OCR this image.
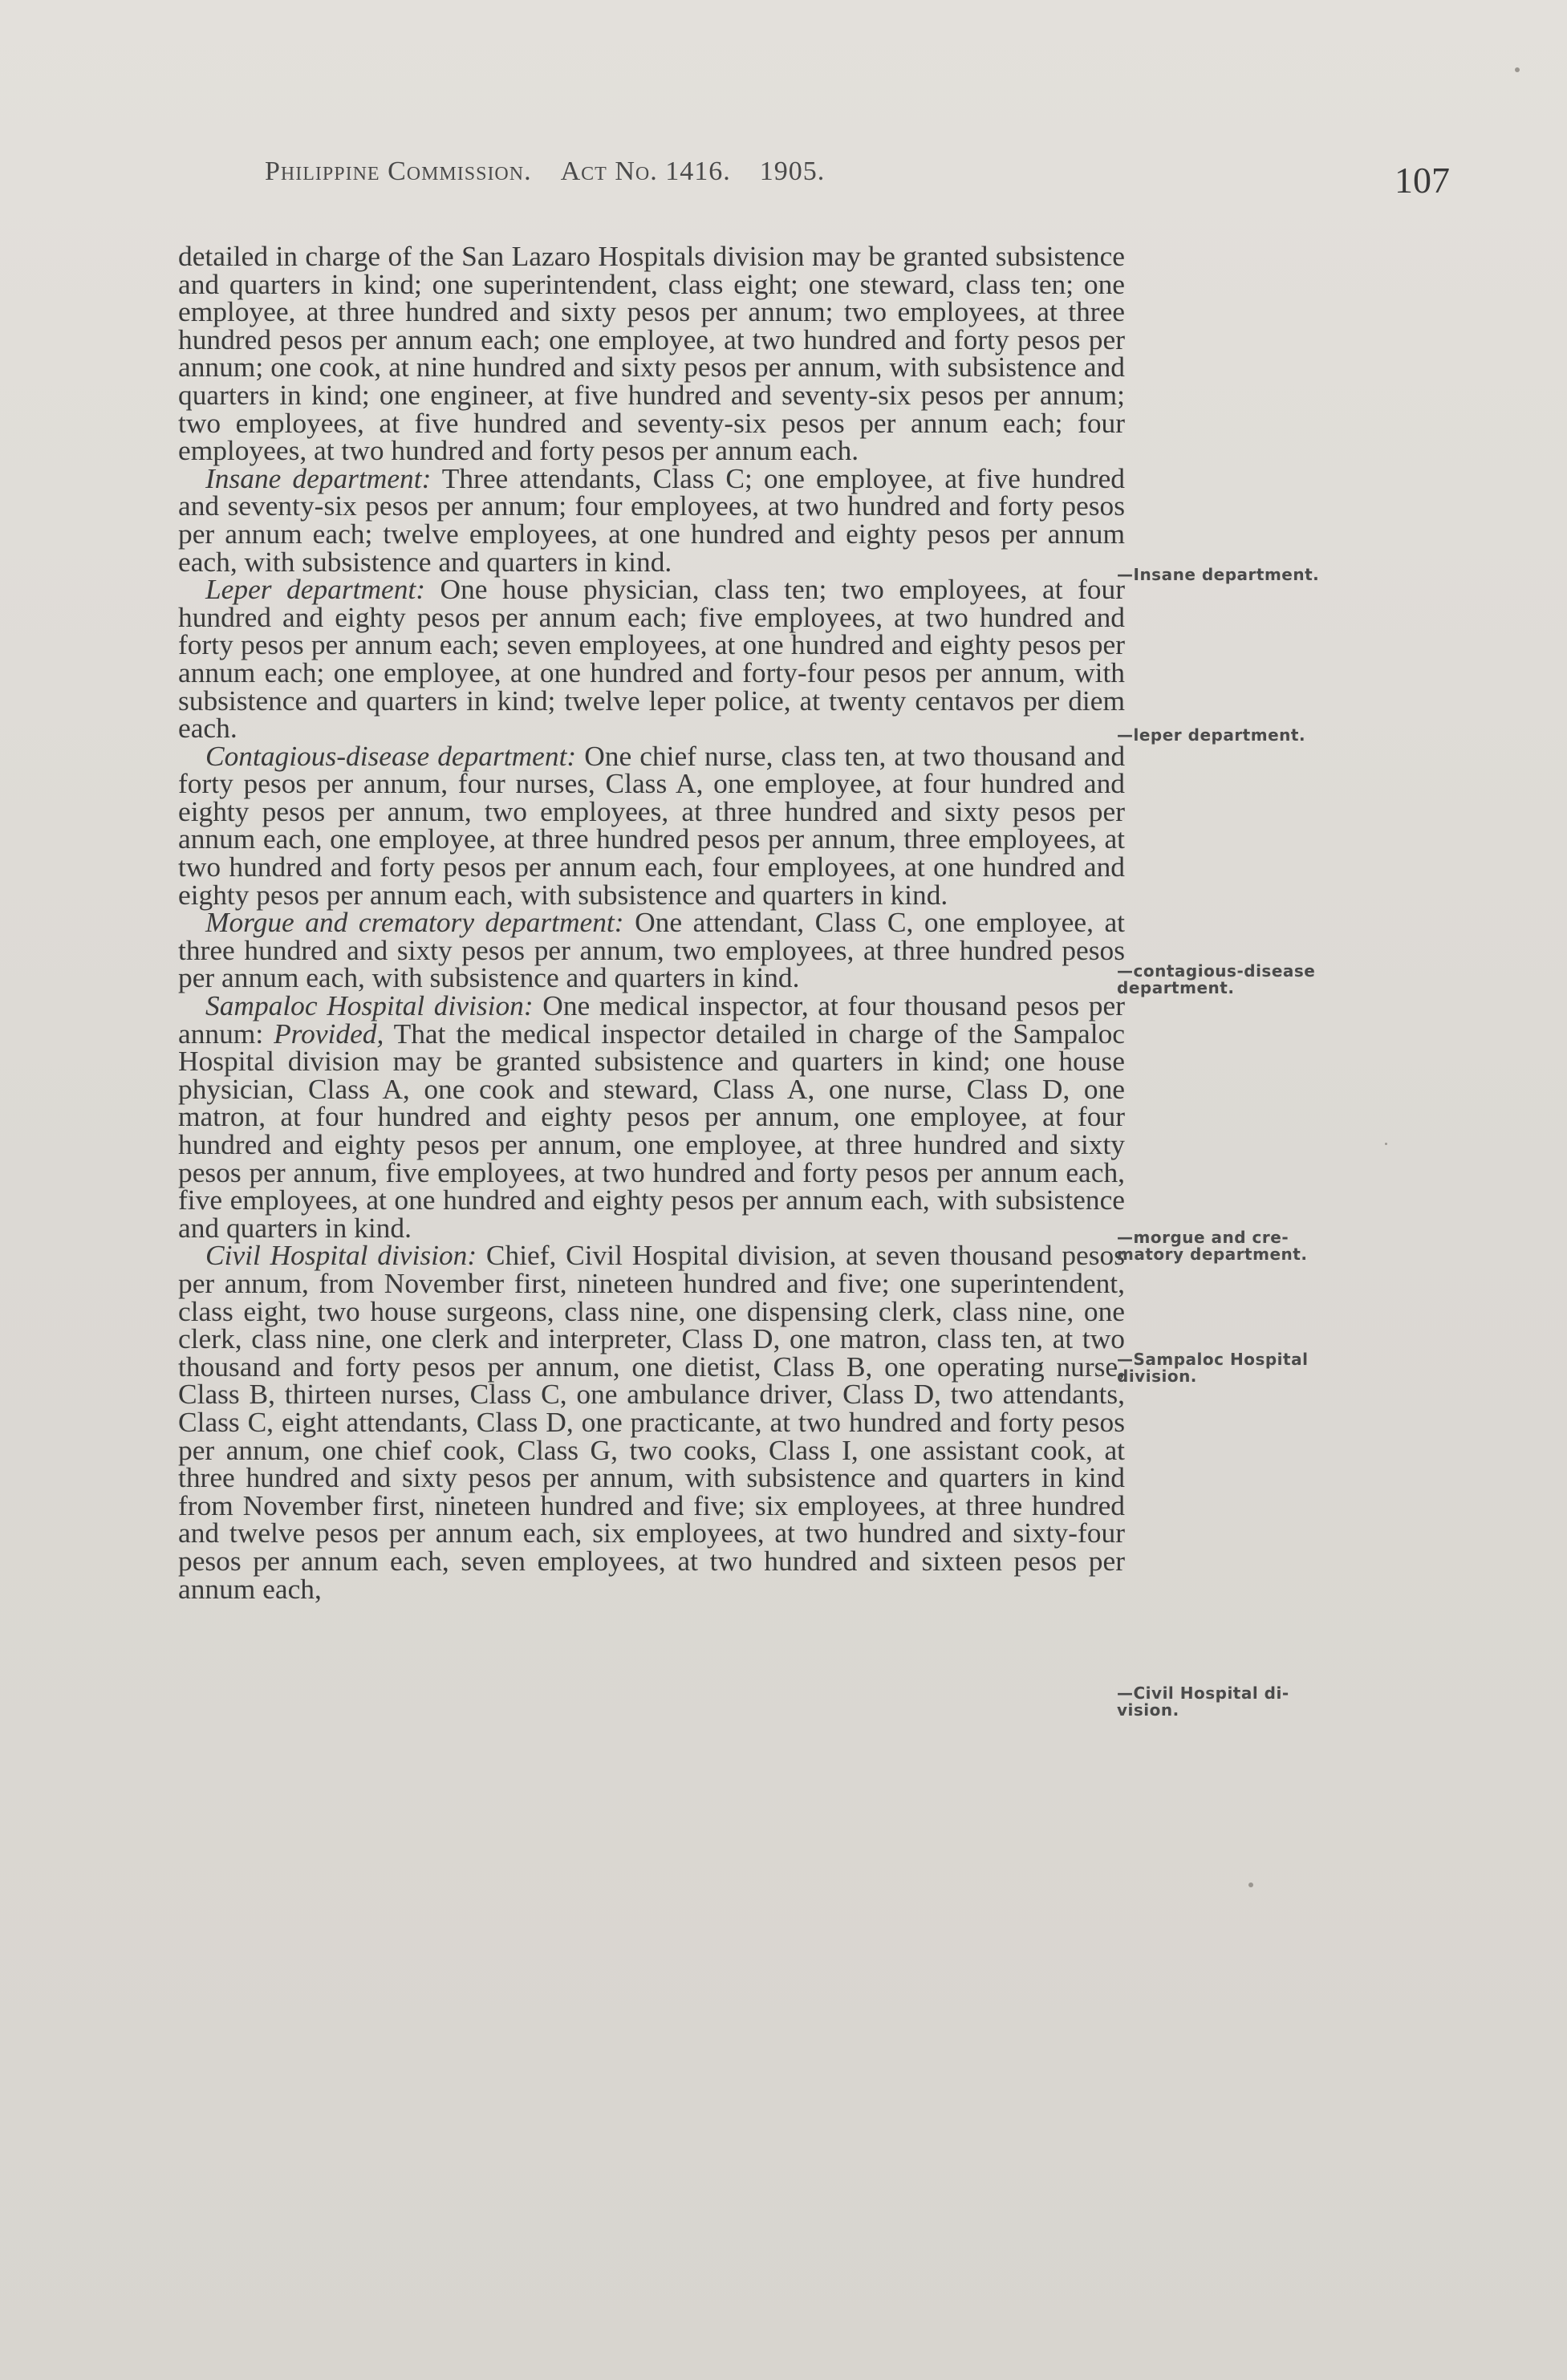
Philippine Commission. Act No. 1416. 1905.	107

detailed in charge of the San Lazaro Hospitals division may be granted subsistence and quarters in kind; one superintendent, class eight; one steward, class ten; one employee, at three hundred and sixty pesos per annum; two employees, at three hundred pesos per annum each; one employee, at two hundred and forty pesos per annum; one cook, at nine hundred and sixty pesos per annum, with subsistence and quarters in kind; one engineer, at five hundred and seventy-six pesos per annum; two employees, at five hundred and seventy-six pesos per annum each; four employees, at two hundred and forty pesos per annum each.

Insane department: Three attendants, Class C; one employee, at five hundred and seventy-six pesos per annum; four employees, at two hundred and forty pesos per annum each; twelve employees, at one hundred and eighty pesos per annum each, with subsistence and quarters in kind.

Leper department: One house physician, class ten; two employees, at four hundred and eighty pesos per annum each; five employees, at two hundred and forty pesos per annum each; seven employees, at one hundred and eighty pesos per annum each; one employee, at one hundred and forty-four pesos per annum, with subsistence and quarters in kind; twelve leper police, at twenty centavos per diem each.

Contagious-disease department: One chief nurse, class ten, at two thousand and forty pesos per annum, four nurses, Class A, one employee, at four hundred and eighty pesos per annum, two employees, at three hundred and sixty pesos per annum each, one employee, at three hundred pesos per annum, three employees, at two hundred and forty pesos per annum each, four employees, at one hundred and eighty pesos per annum each, with subsistence and quarters in kind.

Morgue and crematory department: One attendant, Class C, one employee, at three hundred and sixty pesos per annum, two employees, at three hundred pesos per annum each, with subsistence and quarters in kind.

Sampaloc Hospital division: One medical inspector, at four thousand pesos per annum: Provided, That the medical inspector detailed in charge of the Sampaloc Hospital division may be granted subsistence and quarters in kind; one house physician, Class A, one cook and steward, Class A, one nurse, Class D, one matron, at four hundred and eighty pesos per annum, one employee, at four hundred and eighty pesos per annum, one employee, at three hundred and sixty pesos per annum, five employees, at two hundred and forty pesos per annum each, five employees, at one hundred and eighty pesos per annum each, with subsistence and quarters in kind.

Civil Hospital division: Chief, Civil Hospital division, at seven thousand pesos per annum, from November first, nineteen hundred and five; one superintendent, class eight, two house surgeons, class nine, one dispensing clerk, class nine, one clerk, class nine, one clerk and interpreter, Class D, one matron, class ten, at two thousand and forty pesos per annum, one dietist, Class B, one operating nurse, Class B, thirteen nurses, Class C, one ambulance driver, Class D, two attendants, Class C, eight attendants, Class D, one practicante, at two hundred and forty pesos per annum, one chief cook, Class G, two cooks, Class I, one assistant cook, at three hundred and sixty pesos per annum, with subsistence and quarters in kind from November first, nineteen hundred and five; six employees, at three hundred and twelve pesos per annum each, six employees, at two hundred and sixty-four pesos per annum each, seven employees, at two hundred and sixteen pesos per annum each,

—Insane department.
—leper department.
—contagious-disease
department.
—morgue and cre-
matory department.
—Sampaloc Hospital
division.
—Civil Hospital di-
vision.
